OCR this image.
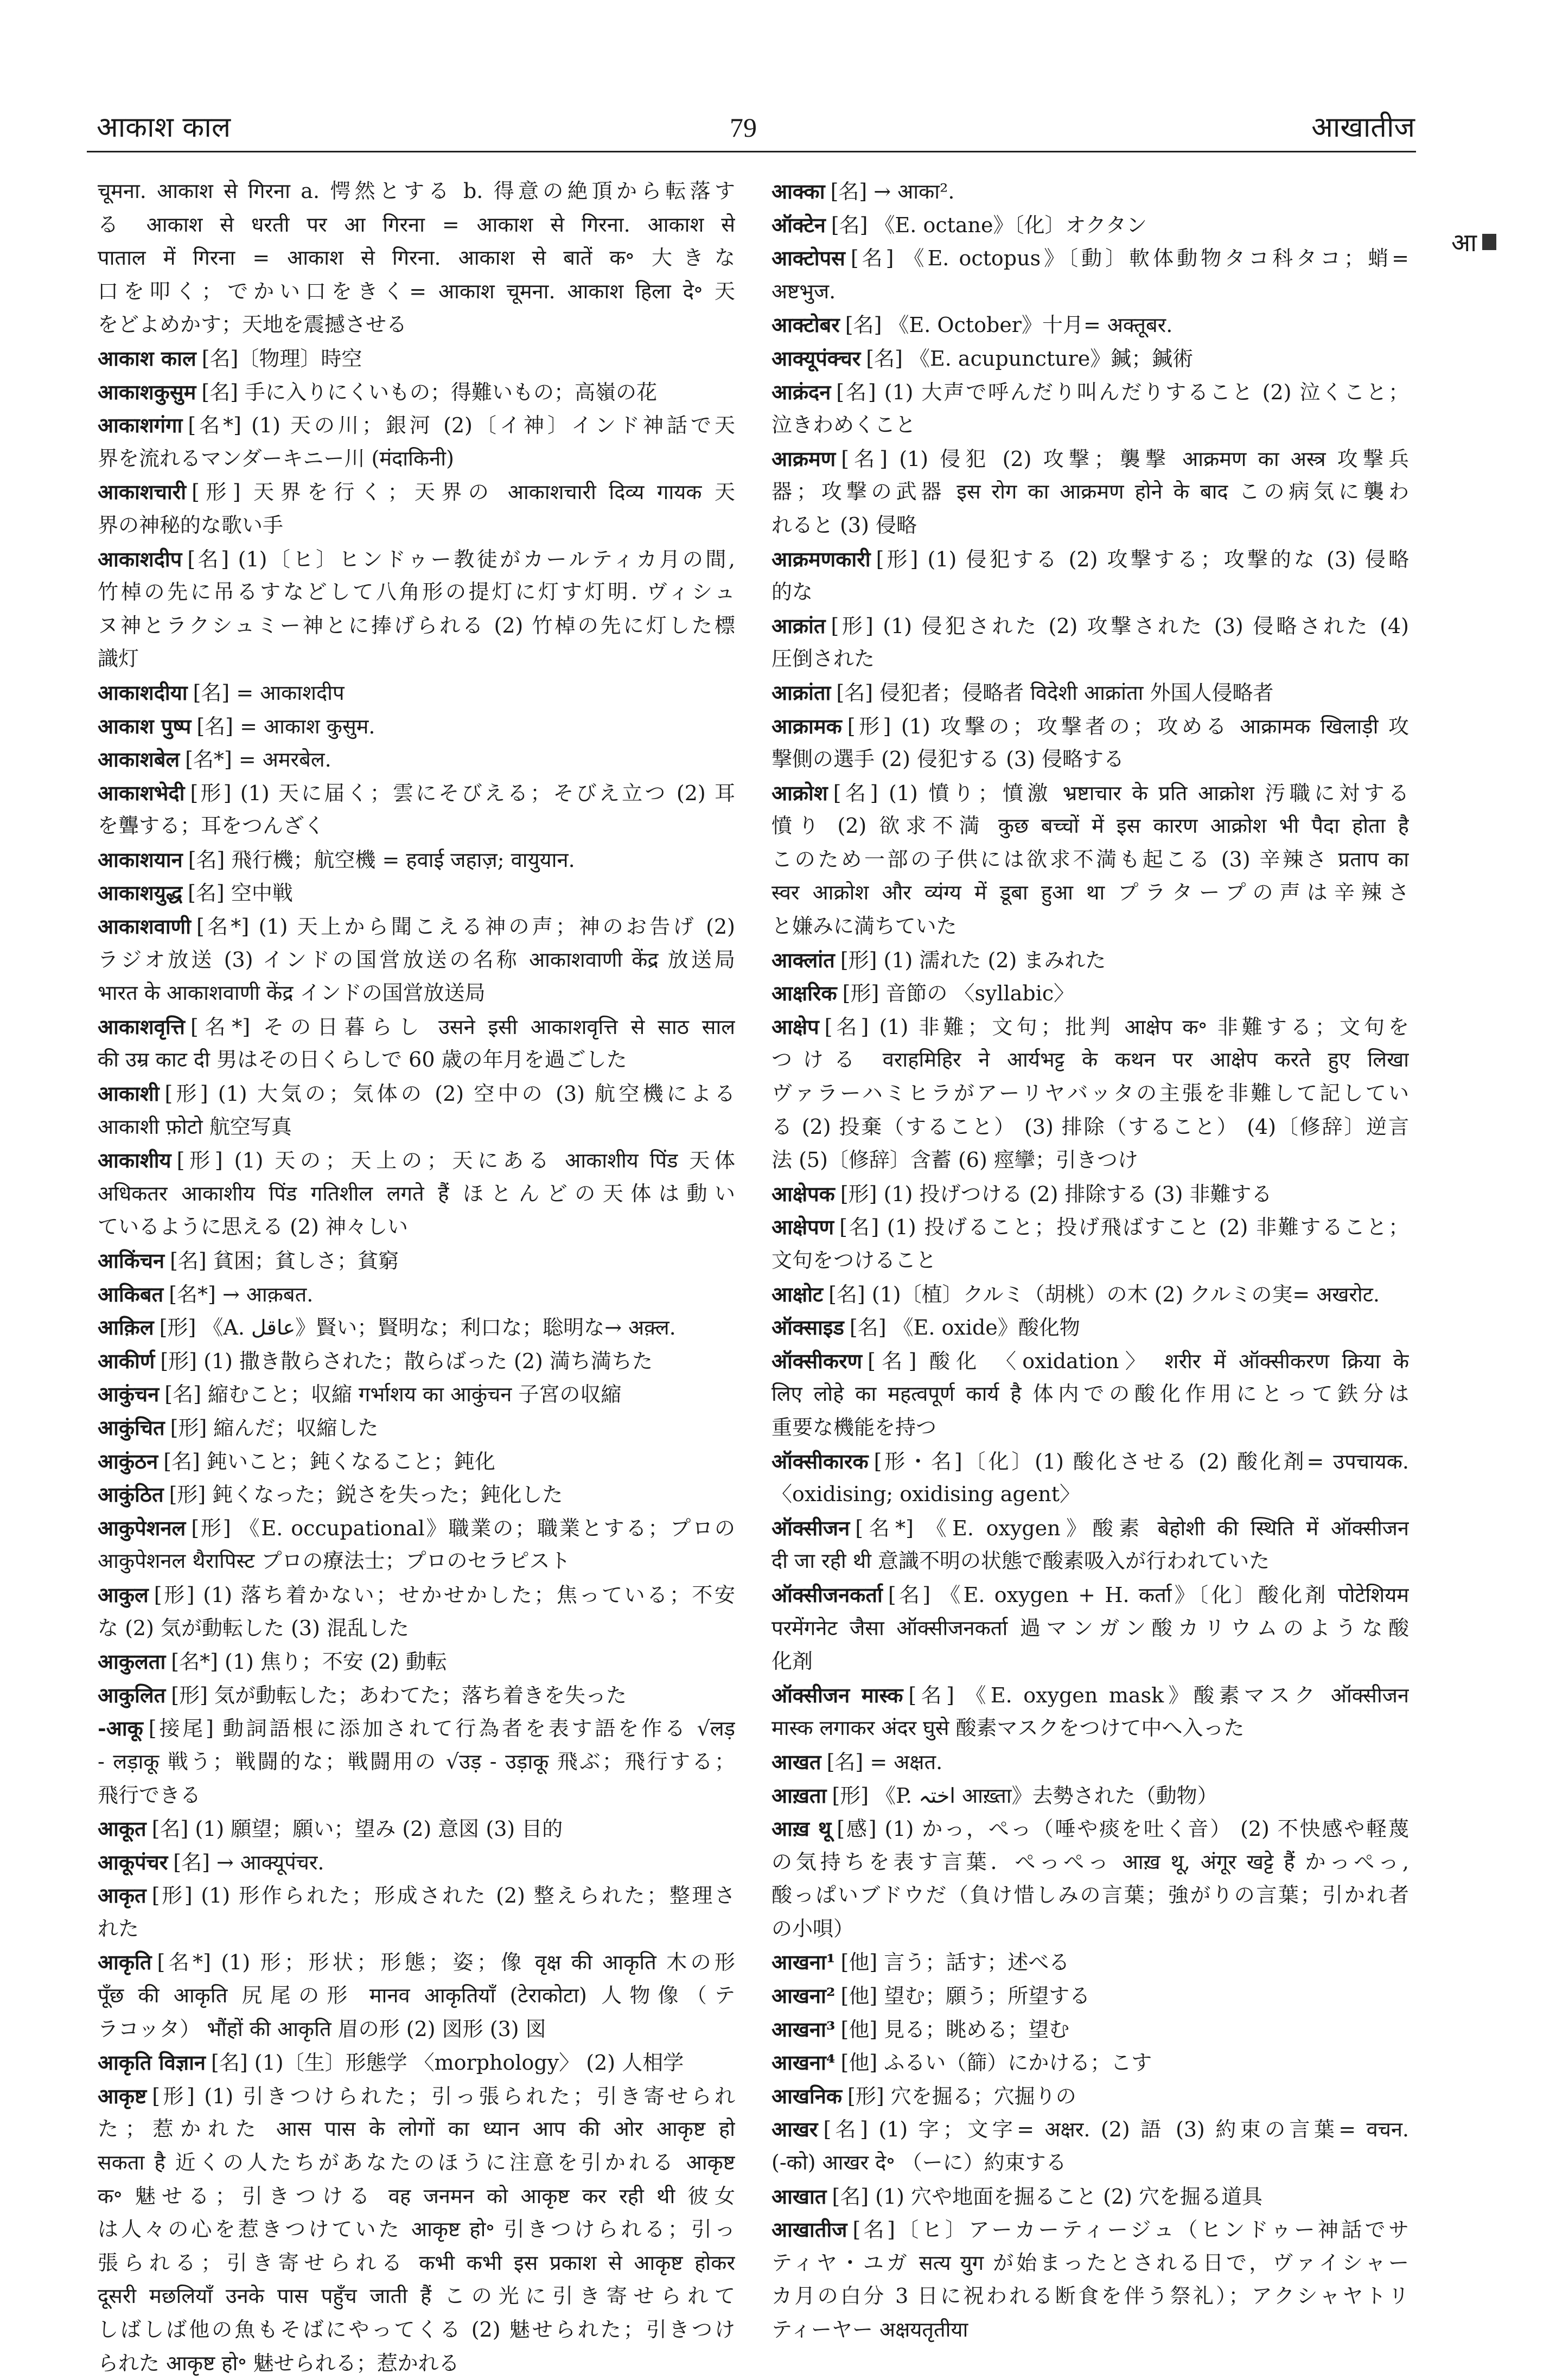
आकाश काल	79	आखातीज
आ
चूमना. आकाश से गिरना a. 愕然とする b. 得意の絶頂から転落す
る आकाश से धरती पर आ गिरना = आकाश से गिरना. आकाश से
पाताल में गिरना = आकाश से गिरना. आकाश से बातें क॰ 大きな
口を叩く；でかい口をきく= आकाश चूमना. आकाश हिला दे॰ 天
をどよめかす；天地を震撼させる
आकाश काल [名]〔物理〕時空
आकाशकुसुम [名] 手に入りにくいもの；得難いもの；高嶺の花
आकाशगंगा [名*] (1) 天の川；銀河 (2)〔イ神〕インド神話で天
界を流れるマンダーキニー川 (मंदाकिनी)
आकाशचारी [形] 天界を行く；天界の आकाशचारी दिव्य गायक 天
界の神秘的な歌い手
आकाशदीप [名] (1)〔ヒ〕ヒンドゥー教徒がカールティカ月の間,
竹棹の先に吊るすなどして八角形の提灯に灯す灯明. ヴィシュ
ヌ神とラクシュミー神とに捧げられる (2) 竹棹の先に灯した標
識灯
आकाशदीया [名] = आकाशदीप
आकाश पुष्प [名] = आकाश कुसुम.
आकाशबेल [名*] = अमरबेल.
आकाशभेदी [形] (1) 天に届く；雲にそびえる；そびえ立つ (2) 耳
を聾する；耳をつんざく
आकाशयान [名] 飛行機；航空機 = हवाई जहाज़; वायुयान.
आकाशयुद्ध [名] 空中戦
आकाशवाणी [名*] (1) 天上から聞こえる神の声；神のお告げ (2)
ラジオ放送 (3) インドの国営放送の名称 आकाशवाणी केंद्र 放送局
भारत के आकाशवाणी केंद्र インドの国営放送局
आकाशवृत्ति [名*] その日暮らし उसने इसी आकाशवृत्ति से साठ साल
की उम्र काट दी 男はその日くらしで 60 歳の年月を過ごした
आकाशी [形] (1) 大気の；気体の (2) 空中の (3) 航空機による
आकाशी फ़ोटो 航空写真
आकाशीय [形] (1) 天の；天上の；天にある आकाशीय पिंड 天体
अधिकतर आकाशीय पिंड गतिशील लगते हैं ほとんどの天体は動い
ているように思える (2) 神々しい
आकिंचन [名] 貧困；貧しさ；貧窮
आकिबत [名*] → आक़बत.
आक़िल [形] 《A. عاقل》賢い；賢明な；利口な；聡明な→ अक़्ल.
आकीर्ण [形] (1) 撒き散らされた；散らばった (2) 満ち満ちた
आकुंचन [名] 縮むこと；収縮 गर्भाशय का आकुंचन 子宮の収縮
आकुंचित [形] 縮んだ；収縮した
आकुंठन [名] 鈍いこと；鈍くなること；鈍化
आकुंठित [形] 鈍くなった；鋭さを失った；鈍化した
आकुपेशनल [形] 《E. occupational》職業の；職業とする；プロの
आकुपेशनल थैरापिस्ट プロの療法士；プロのセラピスト
आकुल [形] (1) 落ち着かない；せかせかした；焦っている；不安
な (2) 気が動転した (3) 混乱した
आकुलता [名*] (1) 焦り；不安 (2) 動転
आकुलित [形] 気が動転した；あわてた；落ち着きを失った
-आकू [接尾] 動詞語根に添加されて行為者を表す語を作る √लड़
- लड़ाकू 戦う；戦闘的な；戦闘用の √उड़ - उड़ाकू 飛ぶ；飛行する；
飛行できる
आकूत [名] (1) 願望；願い；望み (2) 意図 (3) 目的
आकूपंचर [名] → आक्यूपंचर.
आकृत [形] (1) 形作られた；形成された (2) 整えられた；整理さ
れた
आकृति [名*] (1) 形；形状；形態；姿；像 वृक्ष की आकृति 木の形
पूँछ की आकृति 尻尾の形 मानव आकृतियाँ (टेराकोटा) 人物像（テ
ラコッタ） भौंहों की आकृति 眉の形 (2) 図形 (3) 図
आकृति विज्ञान [名] (1)〔生〕形態学 〈morphology〉 (2) 人相学
आकृष्ट [形] (1) 引きつけられた；引っ張られた；引き寄せられ
た；惹かれた आस पास के लोगों का ध्यान आप की ओर आकृष्ट हो
सकता है 近くの人たちがあなたのほうに注意を引かれる आकृष्ट
क॰ 魅せる；引きつける वह जनमन को आकृष्ट कर रही थी 彼女
は人々の心を惹きつけていた आकृष्ट हो॰ 引きつけられる；引っ
張られる；引き寄せられる कभी कभी इस प्रकाश से आकृष्ट होकर
दूसरी मछलियाँ उनके पास पहुँच जाती हैं この光に引き寄せられて
しばしば他の魚もそばにやってくる (2) 魅せられた；引きつけ
られた आकृष्ट हो॰ 魅せられる；惹かれる
आक्का [名] → आका².
ऑक्टेन [名] 《E. octane》〔化〕オクタン
आक्टोपस [名] 《E. octopus》〔動〕軟体動物タコ科タコ；蛸=
अष्टभुज.
आक्टोबर [名] 《E. October》十月= अक्तूबर.
आक्यूपंक्चर [名] 《E. acupuncture》鍼；鍼術
आक्रंदन [名] (1) 大声で呼んだり叫んだりすること (2) 泣くこと；
泣きわめくこと
आक्रमण [名] (1) 侵犯 (2) 攻撃；襲撃 आक्रमण का अस्त्र 攻撃兵
器；攻撃の武器 इस रोग का आक्रमण होने के बाद この病気に襲わ
れると (3) 侵略
आक्रमणकारी [形] (1) 侵犯する (2) 攻撃する；攻撃的な (3) 侵略
的な
आक्रांत [形] (1) 侵犯された (2) 攻撃された (3) 侵略された (4)
圧倒された
आक्रांता [名] 侵犯者；侵略者 विदेशी आक्रांता 外国人侵略者
आक्रामक [形] (1) 攻撃の；攻撃者の；攻める आक्रामक खिलाड़ी 攻
撃側の選手 (2) 侵犯する (3) 侵略する
आक्रोश [名] (1) 憤り；憤激 भ्रष्टाचार के प्रति आक्रोश 汚職に対する
憤り (2) 欲求不満 कुछ बच्चों में इस कारण आक्रोश भी पैदा होता है
このため一部の子供には欲求不満も起こる (3) 辛辣さ प्रताप का
स्वर आक्रोश और व्यंग्य में डूबा हुआ था プラタープの声は辛辣さ
と嫌みに満ちていた
आक्लांत [形] (1) 濡れた (2) まみれた
आक्षरिक [形] 音節の 〈syllabic〉
आक्षेप [名] (1) 非難；文句；批判 आक्षेप क॰ 非難する；文句を
つける वराहमिहिर ने आर्यभट्ट के कथन पर आक्षेप करते हुए लिखा
ヴァラーハミヒラがアーリヤバッタの主張を非難して記してい
る (2) 投棄（すること） (3) 排除（すること） (4)〔修辞〕逆言
法 (5)〔修辞〕含蓄 (6) 痙攣；引きつけ
आक्षेपक [形] (1) 投げつける (2) 排除する (3) 非難する
आक्षेपण [名] (1) 投げること；投げ飛ばすこと (2) 非難すること；
文句をつけること
आक्षोट [名] (1)〔植〕クルミ（胡桃）の木 (2) クルミの実= अखरोट.
ऑक्साइड [名] 《E. oxide》酸化物
ऑक्सीकरण [名] 酸化 〈oxidation〉 शरीर में ऑक्सीकरण क्रिया के
लिए लोहे का महत्वपूर्ण कार्य है 体内での酸化作用にとって鉄分は
重要な機能を持つ
ऑक्सीकारक [形・名]〔化〕(1) 酸化させる (2) 酸化剤= उपचायक.
〈oxidising; oxidising agent〉
ऑक्सीजन [名*] 《E. oxygen》酸素 बेहोशी की स्थिति में ऑक्सीजन
दी जा रही थी 意識不明の状態で酸素吸入が行われていた
ऑक्सीजनकर्ता [名] 《E. oxygen + H. कर्ता》〔化〕酸化剤 पोटेशियम
परमेंगनेट जैसा ऑक्सीजनकर्ता 過マンガン酸カリウムのような酸
化剤
ऑक्सीजन मास्क [名] 《E. oxygen mask》酸素マスク ऑक्सीजन
मास्क लगाकर अंदर घुसे 酸素マスクをつけて中へ入った
आखत [名] = अक्षत.
आख़ता [形] 《P. اختہ आख़्ता》去勢された（動物）
आख़ थू [感] (1) かっ，ぺっ（唾や痰を吐く音） (2) 不快感や軽蔑
の気持ちを表す言葉．ぺっぺっ आख़ थू, अंगूर खट्टे हैं かっぺっ,
酸っぱいブドウだ（負け惜しみの言葉；強がりの言葉；引かれ者
の小唄）
आखना¹ [他] 言う；話す；述べる
आखना² [他] 望む；願う；所望する
आखना³ [他] 見る；眺める；望む
आखना⁴ [他] ふるい（篩）にかける；こす
आखनिक [形] 穴を掘る；穴掘りの
आखर [名] (1) 字；文字= अक्षर. (2) 語 (3) 約束の言葉= वचन.
(-को) आखर दे॰ （ーに）約束する
आखात [名] (1) 穴や地面を掘ること (2) 穴を掘る道具
आखातीज [名]〔ヒ〕アーカーティージュ（ヒンドゥー神話でサ
ティヤ・ユガ सत्य युग が始まったとされる日で，ヴァイシャー
カ月の白分 3 日に祝われる断食を伴う祭礼）；アクシャヤトリ
ティーヤー अक्षयतृतीया
